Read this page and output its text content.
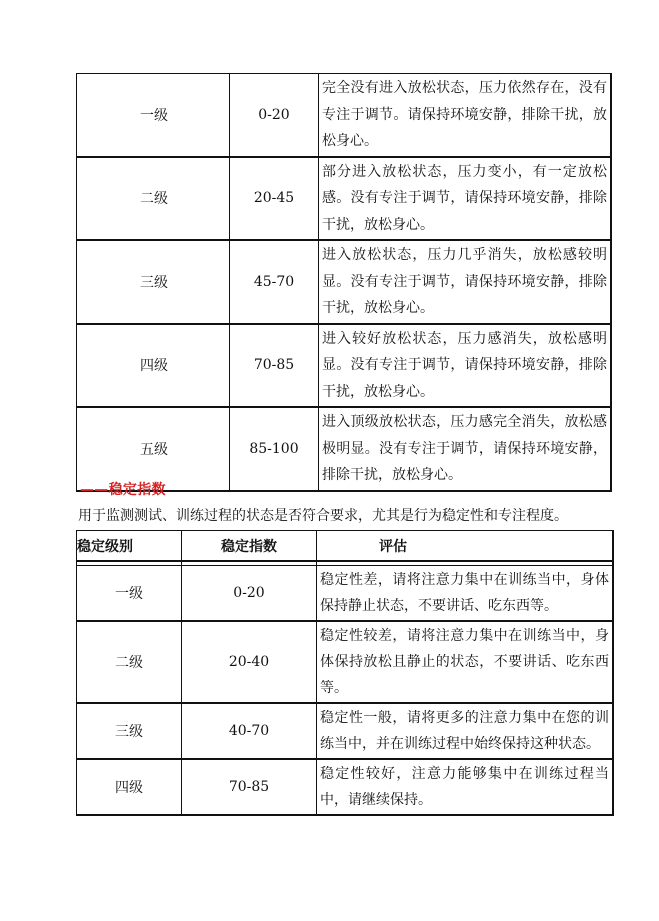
一级	0-20	完全没有进入放松状态，压力依然存在，没有专注于调节。请保持环境安静，排除干扰，放松身心。
二级	20-45	部分进入放松状态，压力变小，有一定放松感。没有专注于调节，请保持环境安静，排除干扰，放松身心。
三级	45-70	进入放松状态，压力几乎消失，放松感较明显。没有专注于调节，请保持环境安静，排除干扰，放松身心。
四级	70-85	进入较好放松状态，压力感消失，放松感明显。没有专注于调节，请保持环境安静，排除干扰，放松身心。
五级	85-100	进入顶级放松状态，压力感完全消失，放松感极明显。没有专注于调节，请保持环境安静，排除干扰，放松身心。
——稳定指数
用于监测测试、训练过程的状态是否符合要求，尤其是行为稳定性和专注程度。
稳定级别	稳定指数	评估

一级	0-20	稳定性差，请将注意力集中在训练当中，身体保持静止状态，不要讲话、吃东西等。
二级	20-40	稳定性较差，请将注意力集中在训练当中，身体保持放松且静止的状态，不要讲话、吃东西等。
三级	40-70	稳定性一般，请将更多的注意力集中在您的训练当中，并在训练过程中始终保持这种状态。
四级	70-85	稳定性较好，注意力能够集中在训练过程当中，请继续保持。
